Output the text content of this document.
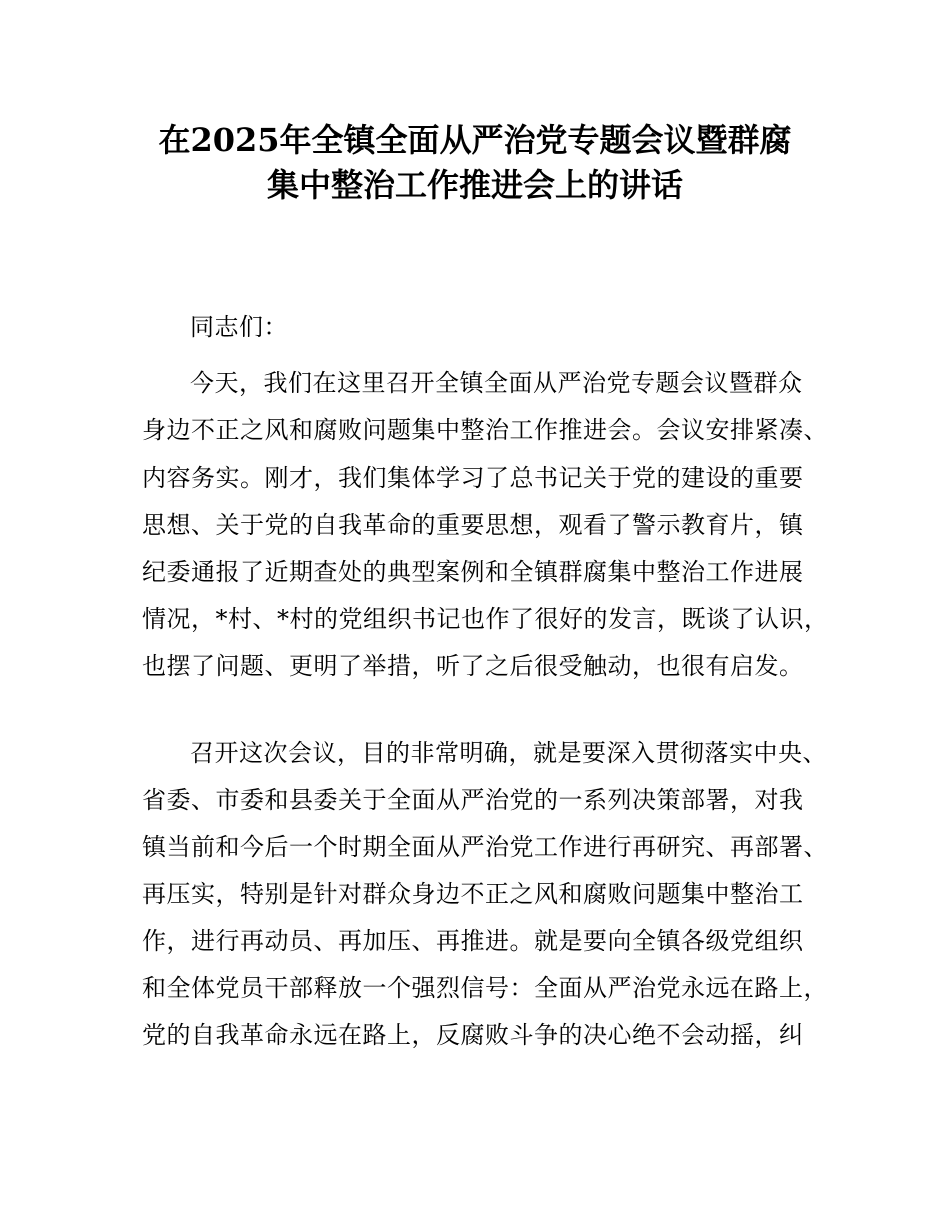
在2025年全镇全面从严治党专题会议暨群腐
集中整治工作推进会上的讲话
同志们：
今天，我们在这里召开全镇全面从严治党专题会议暨群众
身边不正之风和腐败问题集中整治工作推进会。会议安排紧凑、
内容务实。刚才，我们集体学习了总书记关于党的建设的重要
思想、关于党的自我革命的重要思想，观看了警示教育片，镇
纪委通报了近期查处的典型案例和全镇群腐集中整治工作进展
情况，*村、*村的党组织书记也作了很好的发言，既谈了认识，
也摆了问题、更明了举措，听了之后很受触动，也很有启发。
召开这次会议，目的非常明确，就是要深入贯彻落实中央、
省委、市委和县委关于全面从严治党的一系列决策部署，对我
镇当前和今后一个时期全面从严治党工作进行再研究、再部署、
再压实，特别是针对群众身边不正之风和腐败问题集中整治工
作，进行再动员、再加压、再推进。就是要向全镇各级党组织
和全体党员干部释放一个强烈信号：全面从严治党永远在路上，
党的自我革命永远在路上，反腐败斗争的决心绝不会动摇，纠
